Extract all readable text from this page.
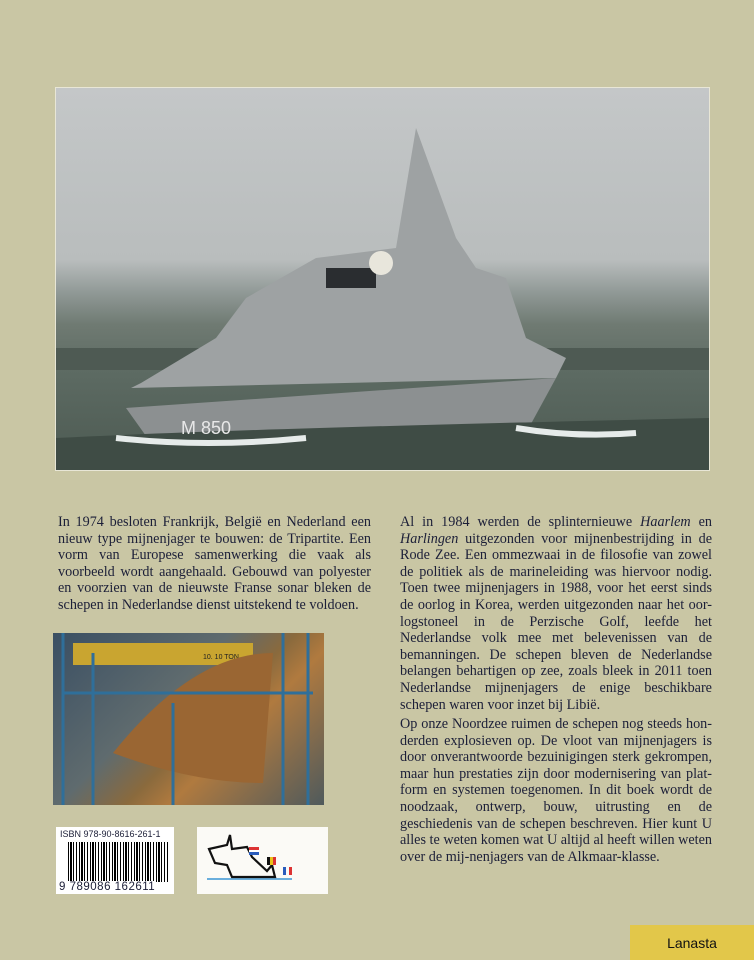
M 850
In 1974 besloten Frankrijk, België en Nederland een nieuw type mijnenjager te bouwen: de Tripartite. Een vorm van Europese samenwerking die vaak als voorbeeld wordt aangehaald. Gebouwd van polyester en voorzien van de nieuwste Franse sonar bleken de schepen in Nederlandse dienst uitstekend te voldoen.
Al in 1984 werden de splinternieuwe Haarlem en Harlingen uitgezonden voor mijnenbestrijding in de Rode Zee. Een ommezwaai in de filosofie van zowel de politiek als de marineleiding was hiervoor nodig. Toen twee mijnenjagers in 1988, voor het eerst sinds de oorlog in Korea, werden uitgezonden naar het oor-logstoneel in de Perzische Golf, leefde het Nederlandse volk mee met belevenissen van de bemanningen. De schepen bleven de Nederlandse belangen behartigen op zee, zoals bleek in 2011 toen Nederlandse mijnenjagers de enige beschikbare schepen waren voor inzet bij Libië.
Op onze Noordzee ruimen de schepen nog steeds hon-derden explosieven op. De vloot van mijnenjagers is door onverantwoorde bezuinigingen sterk gekrompen, maar hun prestaties zijn door modernisering van plat-form en systemen toegenomen. In dit boek wordt de noodzaak, ontwerp, bouw, uitrusting en de geschiedenis van de schepen beschreven. Hier kunt U alles te weten komen wat U altijd al heeft willen weten over de mij-nenjagers van de Alkmaar-klasse.
10. 10 TON
ISBN 978-90-8616-261-1
9 789086 162611
Lanasta
